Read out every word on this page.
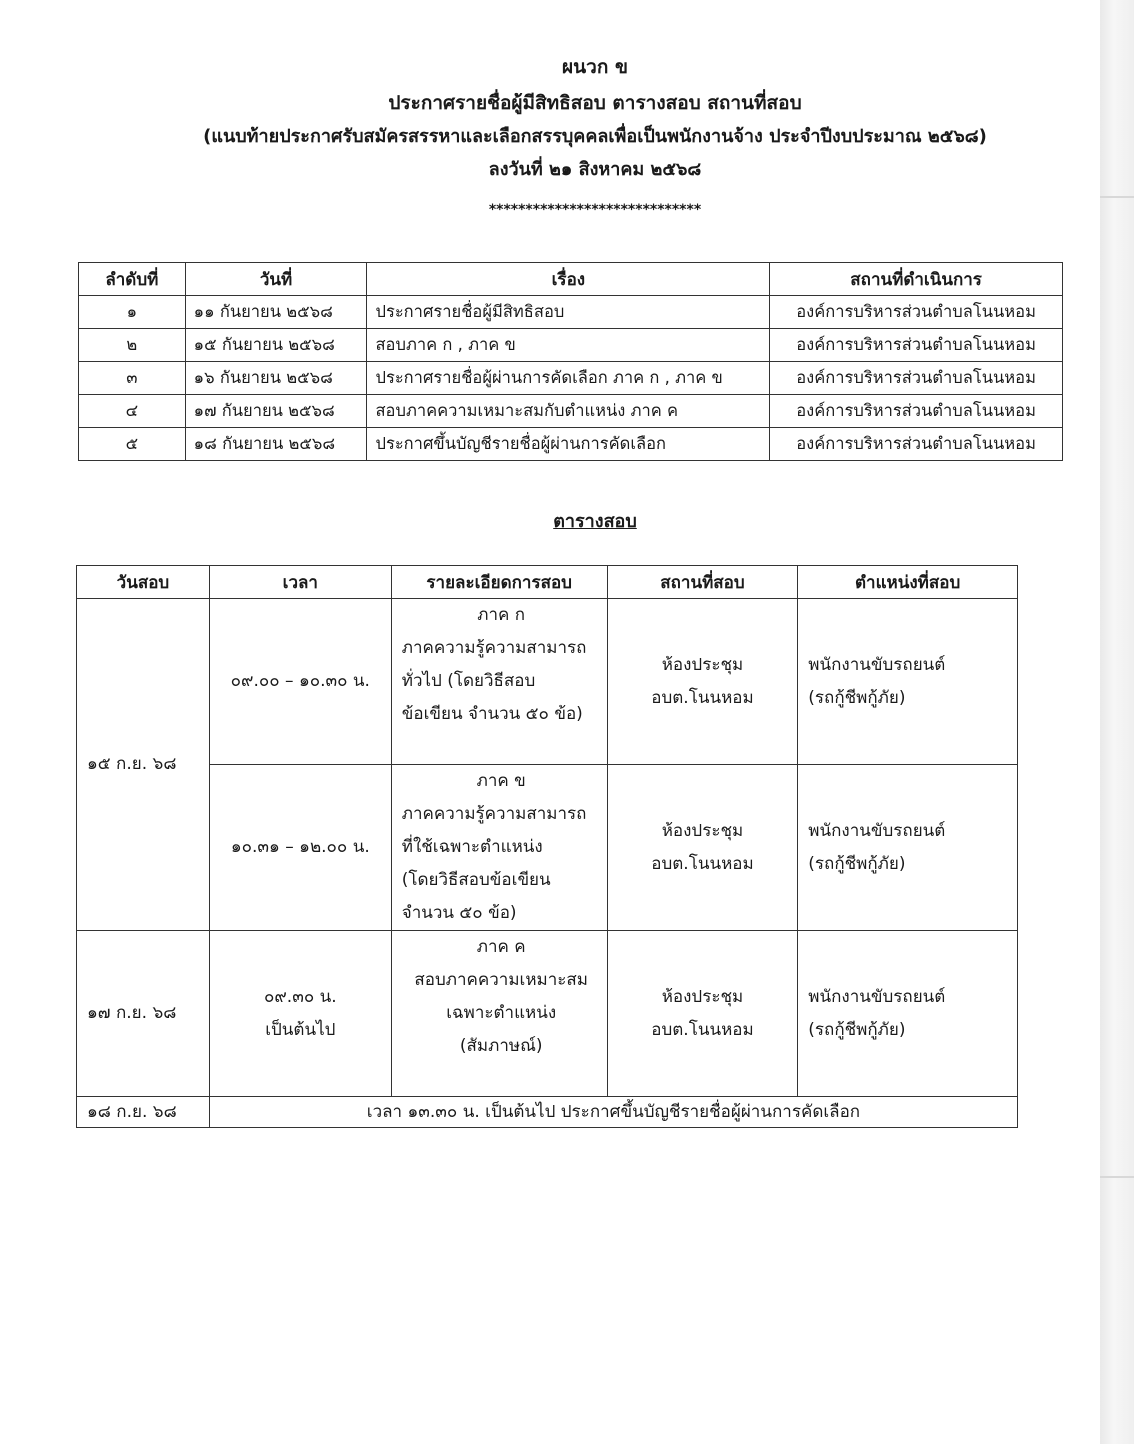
ผนวก ข
ประกาศรายชื่อผู้มีสิทธิสอบ ตารางสอบ สถานที่สอบ
(แนบท้ายประกาศรับสมัครสรรหาและเลือกสรรบุคคลเพื่อเป็นพนักงานจ้าง ประจำปีงบประมาณ ๒๕๖๘)
ลงวันที่ ๒๑ สิงหาคม ๒๕๖๘
*****************************
ลำดับที่	วันที่	เรื่อง	สถานที่ดำเนินการ
๑	๑๑ กันยายน ๒๕๖๘	ประกาศรายชื่อผู้มีสิทธิสอบ	องค์การบริหารส่วนตำบลโนนหอม
๒	๑๕ กันยายน ๒๕๖๘	สอบภาค ก , ภาค ข	องค์การบริหารส่วนตำบลโนนหอม
๓	๑๖ กันยายน ๒๕๖๘	ประกาศรายชื่อผู้ผ่านการคัดเลือก ภาค ก , ภาค ข	องค์การบริหารส่วนตำบลโนนหอม
๔	๑๗ กันยายน ๒๕๖๘	สอบภาคความเหมาะสมกับตำแหน่ง ภาค ค	องค์การบริหารส่วนตำบลโนนหอม
๕	๑๘ กันยายน ๒๕๖๘	ประกาศขึ้นบัญชีรายชื่อผู้ผ่านการคัดเลือก	องค์การบริหารส่วนตำบลโนนหอม
ตารางสอบ
วันสอบ	เวลา	รายละเอียดการสอบ	สถานที่สอบ	ตำแหน่งที่สอบ
๑๕ ก.ย. ๖๘	๐๙.๐๐ – ๑๐.๓๐ น.	ภาค ก
ภาคความรู้ความสามารถ
ทั่วไป (โดยวิธีสอบ
ข้อเขียน จำนวน ๕๐ ข้อ)	ห้องประชุม
อบต.โนนหอม	พนักงานขับรถยนต์
(รถกู้ชีพกู้ภัย)

	๑๐.๓๑ – ๑๒.๐๐ น.	ภาค ข
ภาคความรู้ความสามารถ
ที่ใช้เฉพาะตำแหน่ง
(โดยวิธีสอบข้อเขียน
จำนวน ๕๐ ข้อ)	ห้องประชุม
อบต.โนนหอม	พนักงานขับรถยนต์
(รถกู้ชีพกู้ภัย)

๑๗ ก.ย. ๖๘	๐๙.๓๐ น.
เป็นต้นไป	ภาค ค
สอบภาคความเหมาะสม
เฉพาะตำแหน่ง
(สัมภาษณ์)	ห้องประชุม
อบต.โนนหอม	พนักงานขับรถยนต์
(รถกู้ชีพกู้ภัย)

๑๘ ก.ย. ๖๘	เวลา ๑๓.๓๐ น. เป็นต้นไป ประกาศขึ้นบัญชีรายชื่อผู้ผ่านการคัดเลือก			
